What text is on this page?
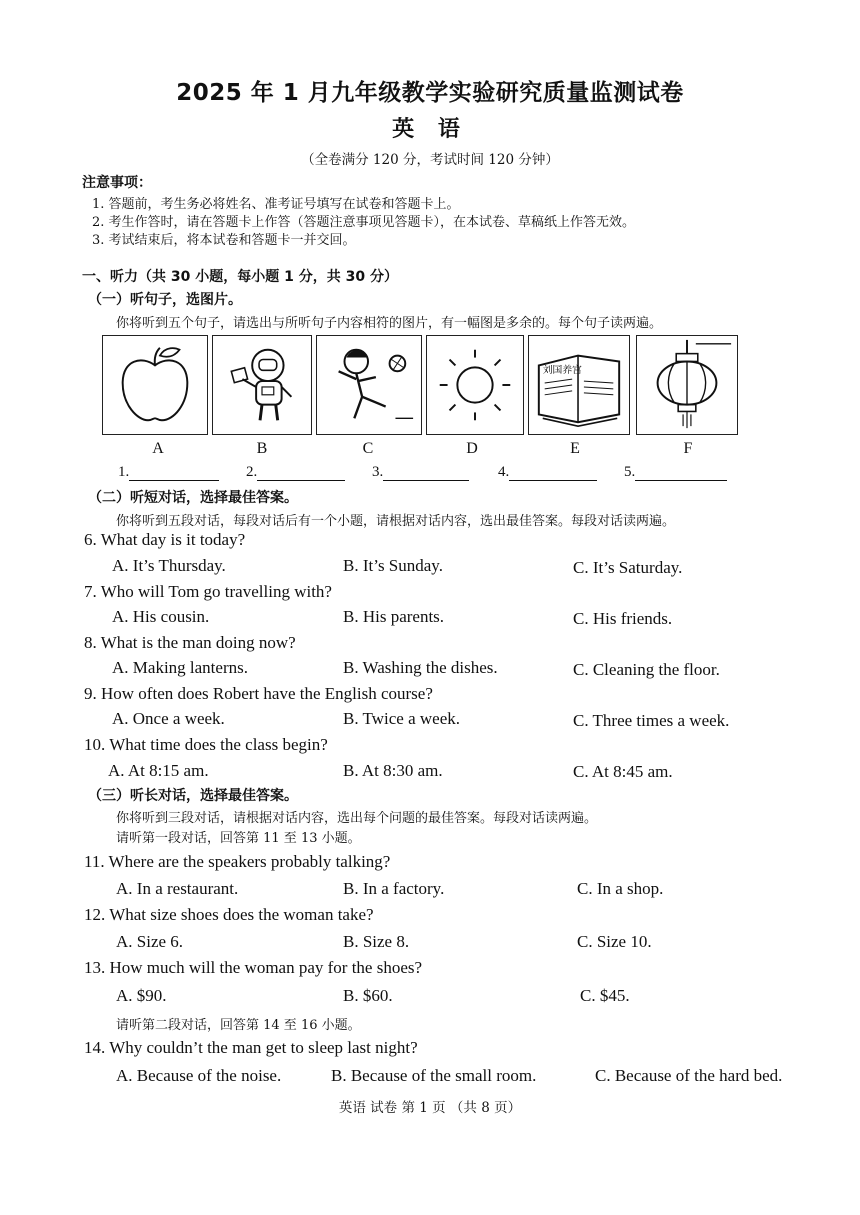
2025 年 1 月九年级教学实验研究质量监测试卷
英 语
（全卷满分 120 分，考试时间 120 分钟）
注意事项：
1. 答题前，考生务必将姓名、准考证号填写在试卷和答题卡上。
2. 考生作答时，请在答题卡上作答（答题注意事项见答题卡），在本试卷、草稿纸上作答无效。
3. 考试结束后，将本试卷和答题卡一并交回。
一、听力（共 30 小题，每小题 1 分，共 30 分）
（一）听句子，选图片。
你将听到五个句子，请选出与所听句子内容相符的图片，有一幅图是多余的。每个句子读两遍。
刘国养宫
A	B	C	D	E	F
1.	2.	3.	4.	5.
（二）听短对话，选择最佳答案。
你将听到五段对话，每段对话后有一个小题，请根据对话内容，选出最佳答案。每段对话读两遍。
6. What day is it today?
A. It’s Thursday.	B. It’s Sunday.	C. It’s Saturday.
7. Who will Tom go travelling with?
A. His cousin.	B. His parents.	C. His friends.
8. What is the man doing now?
A. Making lanterns.	B. Washing the dishes.	C. Cleaning the floor.
9. How often does Robert have the English course?
A. Once a week.	B. Twice a week.	C. Three times a week.
10. What time does the class begin?
A. At 8:15 am.	B. At 8:30 am.	C. At 8:45 am.
（三）听长对话，选择最佳答案。
你将听到三段对话，请根据对话内容，选出每个问题的最佳答案。每段对话读两遍。
请听第一段对话，回答第 11 至 13 小题。
11. Where are the speakers probably talking?
A. In a restaurant.	B. In a factory.	C. In a shop.
12. What size shoes does the woman take?
A. Size 6.	B. Size 8.	C. Size 10.
13. How much will the woman pay for the shoes?
A. $90.	B. $60.	C. $45.
请听第二段对话，回答第 14 至 16 小题。
14. Why couldn’t the man get to sleep last night?
A. Because of the noise.	B. Because of the small room.	C. Because of the hard bed.
英语 试卷 第 1 页 （共 8 页）
